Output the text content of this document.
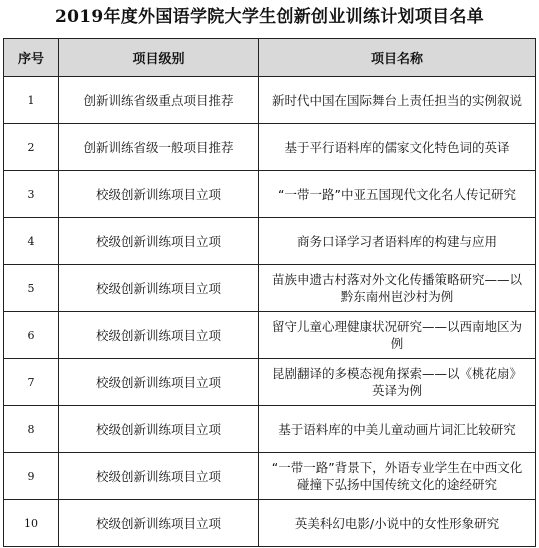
2019年度外国语学院大学生创新创业训练计划项目名单
序号	项目级别	项目名称
1	创新训练省级重点项目推荐	新时代中国在国际舞台上责任担当的实例叙说
2	创新训练省级一般项目推荐	基于平行语料库的儒家文化特色词的英译
3	校级创新训练项目立项	“一带一路”中亚五国现代文化名人传记研究
4	校级创新训练项目立项	商务口译学习者语料库的构建与应用
5	校级创新训练项目立项	苗族申遗古村落对外文化传播策略研究——以黔东南州岜沙村为例
6	校级创新训练项目立项	留守儿童心理健康状况研究——以西南地区为例
7	校级创新训练项目立项	昆剧翻译的多模态视角探索——以《桃花扇》英译为例
8	校级创新训练项目立项	基于语料库的中美儿童动画片词汇比较研究
9	校级创新训练项目立项	“一带一路”背景下，外语专业学生在中西文化碰撞下弘扬中国传统文化的途经研究
10	校级创新训练项目立项	英美科幻电影/小说中的女性形象研究
